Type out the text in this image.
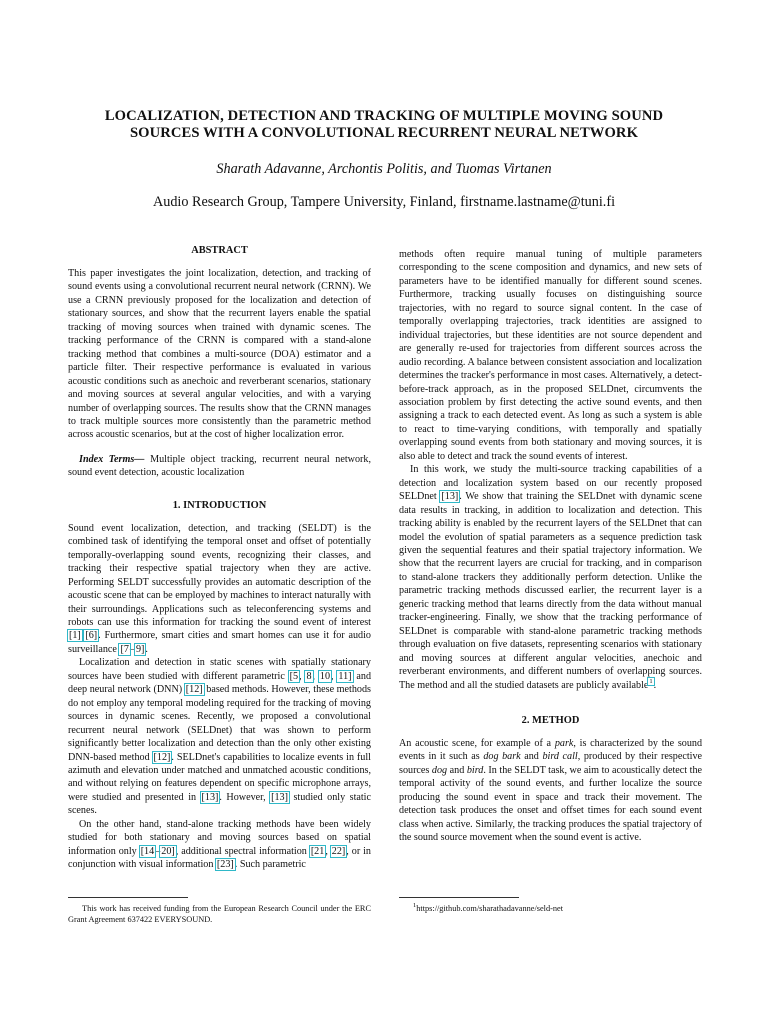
LOCALIZATION, DETECTION AND TRACKING OF MULTIPLE MOVING SOUND
SOURCES WITH A CONVOLUTIONAL RECURRENT NEURAL NETWORK
Sharath Adavanne, Archontis Politis, and Tuomas Virtanen
Audio Research Group, Tampere University, Finland, firstname.lastname@tuni.fi
ABSTRACT

This paper investigates the joint localization, detection, and tracking of sound events using a convolutional recurrent neural network (CRNN). We use a CRNN previously proposed for the localization and detection of stationary sources, and show that the recurrent layers enable the spatial tracking of moving sources when trained with dynamic scenes. The tracking performance of the CRNN is compared with a stand-alone tracking method that combines a multi-source (DOA) estimator and a particle filter. Their respective performance is evaluated in various acoustic conditions such as anechoic and reverberant scenarios, stationary and moving sources at several angular velocities, and with a varying number of overlapping sources. The results show that the CRNN manages to track multiple sources more consistently than the parametric method across acoustic scenarios, but at the cost of higher localization error.

Index Terms— Multiple object tracking, recurrent neural network, sound event detection, acoustic localization

1. INTRODUCTION

Sound event localization, detection, and tracking (SELDT) is the combined task of identifying the temporal onset and offset of potentially temporally-overlapping sound events, recognizing their classes, and tracking their respective spatial trajectory when they are active. Performing SELDT successfully provides an automatic description of the acoustic scene that can be employed by machines to interact naturally with their surroundings. Applications such as teleconferencing systems and robots can use this information for tracking the sound event of interest [1],[6]. Furthermore, smart cities and smart homes can use it for audio surveillance [7–9].

Localization and detection in static scenes with spatially stationary sources have been studied with different parametric [5, 8, 10, 11] and deep neural network (DNN) [12] based methods. However, these methods do not employ any temporal modeling required for the tracking of moving sources in dynamic scenes. Recently, we proposed a convolutional recurrent neural network (SELDnet) that was shown to perform significantly better localization and detection than the only other existing DNN-based method [12]. SELDnet's capabilities to localize events in full azimuth and elevation under matched and unmatched acoustic conditions, and without relying on features dependent on specific microphone arrays, were studied and presented in [13]. However, [13] studied only static scenes.

On the other hand, stand-alone tracking methods have been widely studied for both stationary and moving sources based on spatial information only [14–20], additional spectral information [21, 22], or in conjunction with visual information [23]. Such parametric

This work has received funding from the European Research Council under the ERC Grant Agreement 637422 EVERYSOUND.

methods often require manual tuning of multiple parameters corresponding to the scene composition and dynamics, and new sets of parameters have to be identified manually for different sound scenes. Furthermore, tracking usually focuses on distinguishing source trajectories, with no regard to source signal content. In the case of temporally overlapping trajectories, track identities are assigned to individual trajectories, but these identities are not source dependent and are generally re-used for trajectories from different sources across the audio recording. A balance between consistent association and localization determines the tracker's performance in most cases. Alternatively, a detect-before-track approach, as in the proposed SELDnet, circumvents the association problem by first detecting the active sound events, and then assigning a track to each detected event. As long as such a system is able to react to time-varying conditions, with temporally and spatially overlapping sound events from both stationary and moving sources, it is also able to detect and track the sound events of interest.

In this work, we study the multi-source tracking capabilities of a detection and localization system based on our recently proposed SELDnet [13]. We show that training the SELDnet with dynamic scene data results in tracking, in addition to localization and detection. This tracking ability is enabled by the recurrent layers of the SELDnet that can model the evolution of spatial parameters as a sequence prediction task given the sequential features and their spatial trajectory information. We show that the recurrent layers are crucial for tracking, and in comparison to stand-alone trackers they additionally perform detection. Unlike the parametric tracking methods discussed earlier, the recurrent layer is a generic tracking method that learns directly from the data without manual tracker-engineering. Finally, we show that the tracking performance of SELDnet is comparable with stand-alone parametric tracking methods through evaluation on five datasets, representing scenarios with stationary and moving sources at different angular velocities, anechoic and reverberant environments, and different numbers of overlapping sources. The method and all the studied datasets are publicly available$^1$.

2. METHOD

An acoustic scene, for example of a park, is characterized by the sound events in it such as dog bark and bird call, produced by their respective sources dog and bird. In the SELDT task, we aim to acoustically detect the temporal activity of the sound events, and further localize the source producing the sound event in space and track their movement. The detection task produces the onset and offset times for each sound event class when active. Similarly, the tracking produces the spatial trajectory of the sound source movement when the sound event is active.

$^1$https://github.com/sharathadavanne/seld-net
